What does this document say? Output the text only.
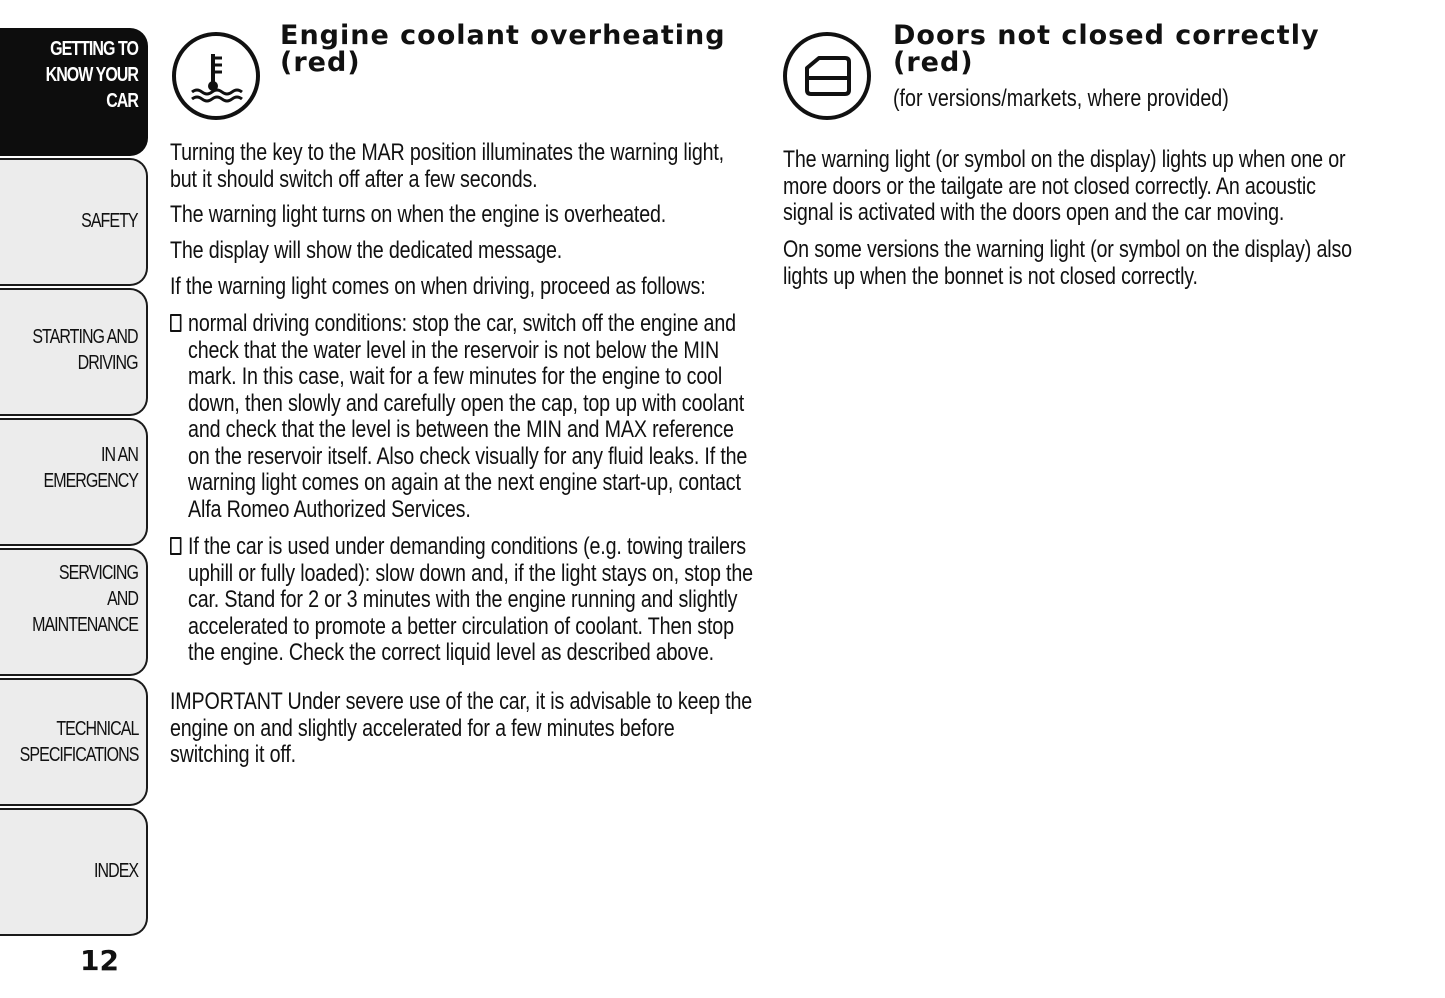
GETTING TO
KNOW YOUR CAR
SAFETY
STARTING AND
DRIVING
IN AN EMERGENCY
SERVICING AND
MAINTENANCE
TECHNICAL
SPECIFICATIONS
INDEX
12
Engine coolant overheating
(red)
Turning the key to the MAR position illuminates the warning light, but it should switch off after a few seconds.
The warning light turns on when the engine is overheated.
The display will show the dedicated message.
If the warning light comes on when driving, proceed as follows:
normal driving conditions: stop the car, switch off the engine and check that the water level in the reservoir is not below the MIN mark. In this case, wait for a few minutes for the engine to cool down, then slowly and carefully open the cap, top up with coolant and check that the level is between the MIN and MAX reference on the reservoir itself. Also check visually for any fluid leaks. If the warning light comes on again at the next engine start-up, contact Alfa Romeo Authorized Services.
If the car is used under demanding conditions (e.g. towing trailers uphill or fully loaded): slow down and, if the light stays on, stop the car. Stand for 2 or 3 minutes with the engine running and slightly accelerated to promote a better circulation of coolant. Then stop the engine. Check the correct liquid level as described above.
IMPORTANT Under severe use of the car, it is advisable to keep the engine on and slightly accelerated for a few minutes before switching it off.
Doors not closed correctly
(red)
(for versions/markets, where provided)
The warning light (or symbol on the display) lights up when one or more doors or the tailgate are not closed correctly. An acoustic signal is activated with the doors open and the car moving.
On some versions the warning light (or symbol on the display) also lights up when the bonnet is not closed correctly.
